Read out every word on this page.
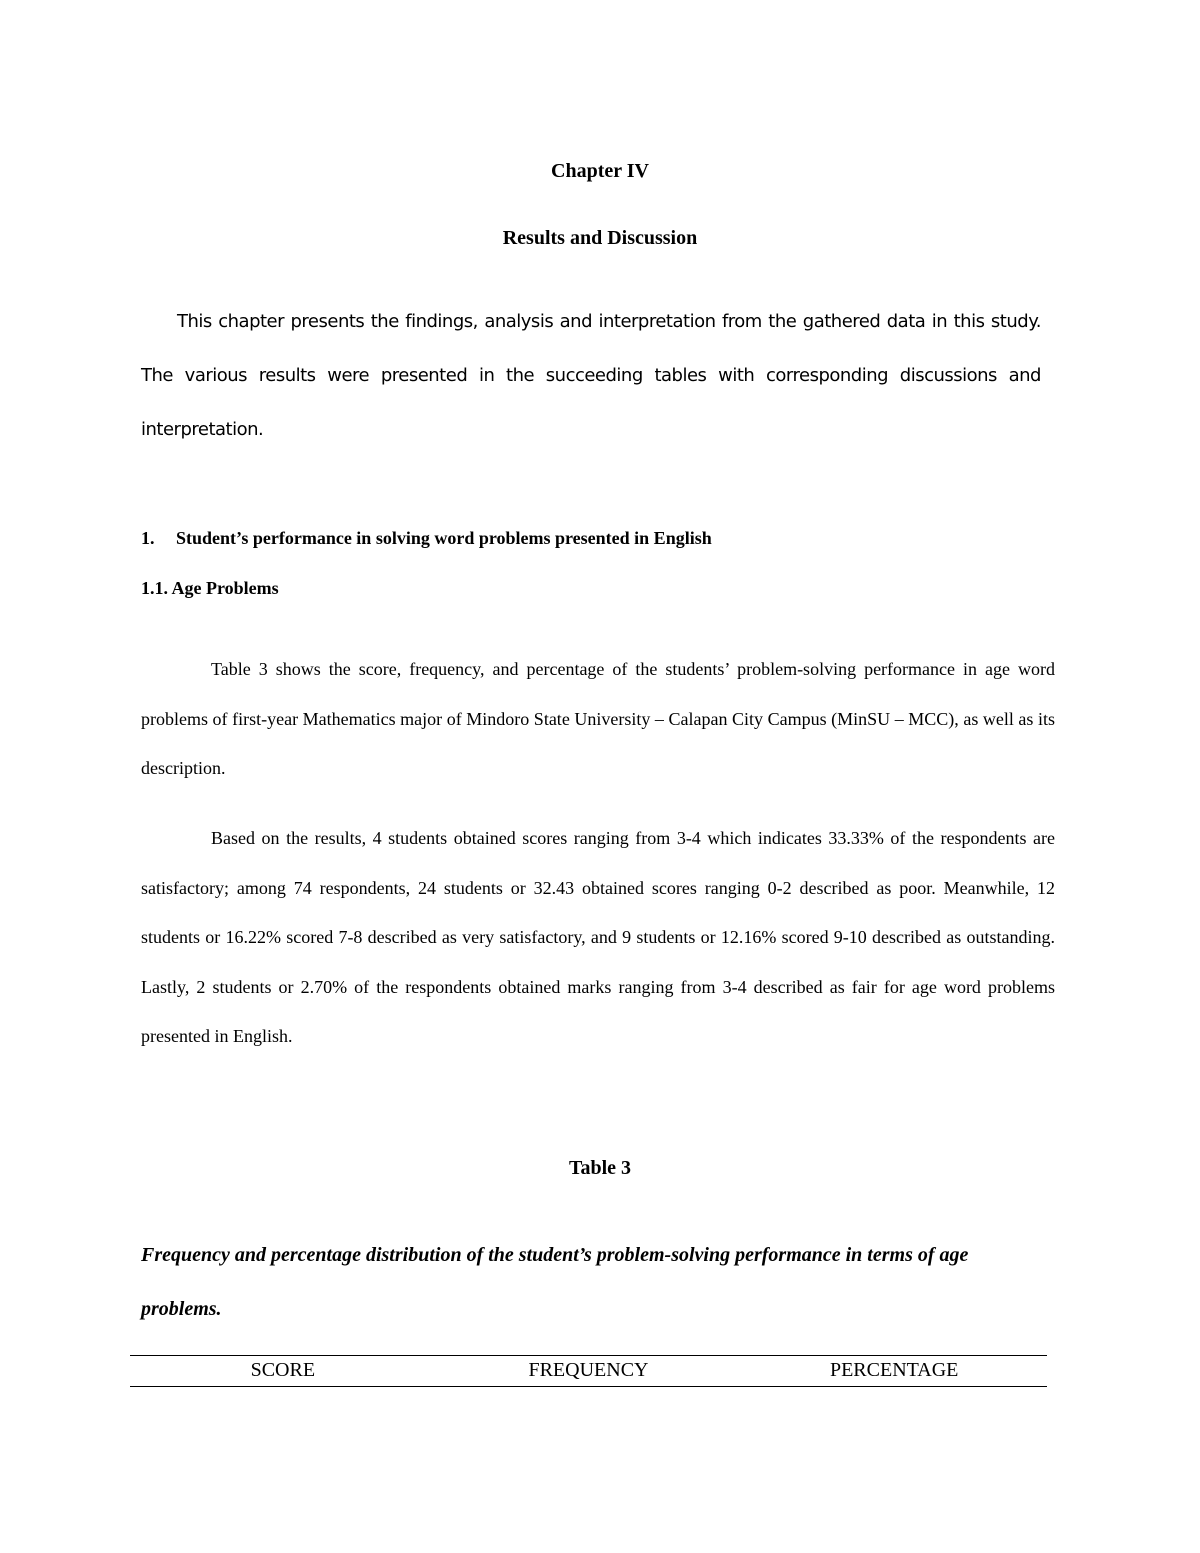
Chapter IV
Results and Discussion

This chapter presents the findings, analysis and interpretation from the gathered data in this study. The various results were presented in the succeeding tables with corresponding discussions and interpretation.

1. Student’s performance in solving word problems presented in English
1.1. Age Problems

Table 3 shows the score, frequency, and percentage of the students’ problem-solving performance in age word problems of first-year Mathematics major of Mindoro State University – Calapan City Campus (MinSU – MCC), as well as its description.

Based on the results, 4 students obtained scores ranging from 3-4 which indicates 33.33% of the respondents are satisfactory; among 74 respondents, 24 students or 32.43 obtained scores ranging 0-2 described as poor. Meanwhile, 12 students or 16.22% scored 7-8 described as very satisfactory, and 9 students or 12.16% scored 9-10 described as outstanding. Lastly, 2 students or 2.70% of the respondents obtained marks ranging from 3-4 described as fair for age word problems presented in English.

Table 3

Frequency and percentage distribution of the student’s problem-solving performance in terms of age problems.

SCORE	FREQUENCY	PERCENTAGE
